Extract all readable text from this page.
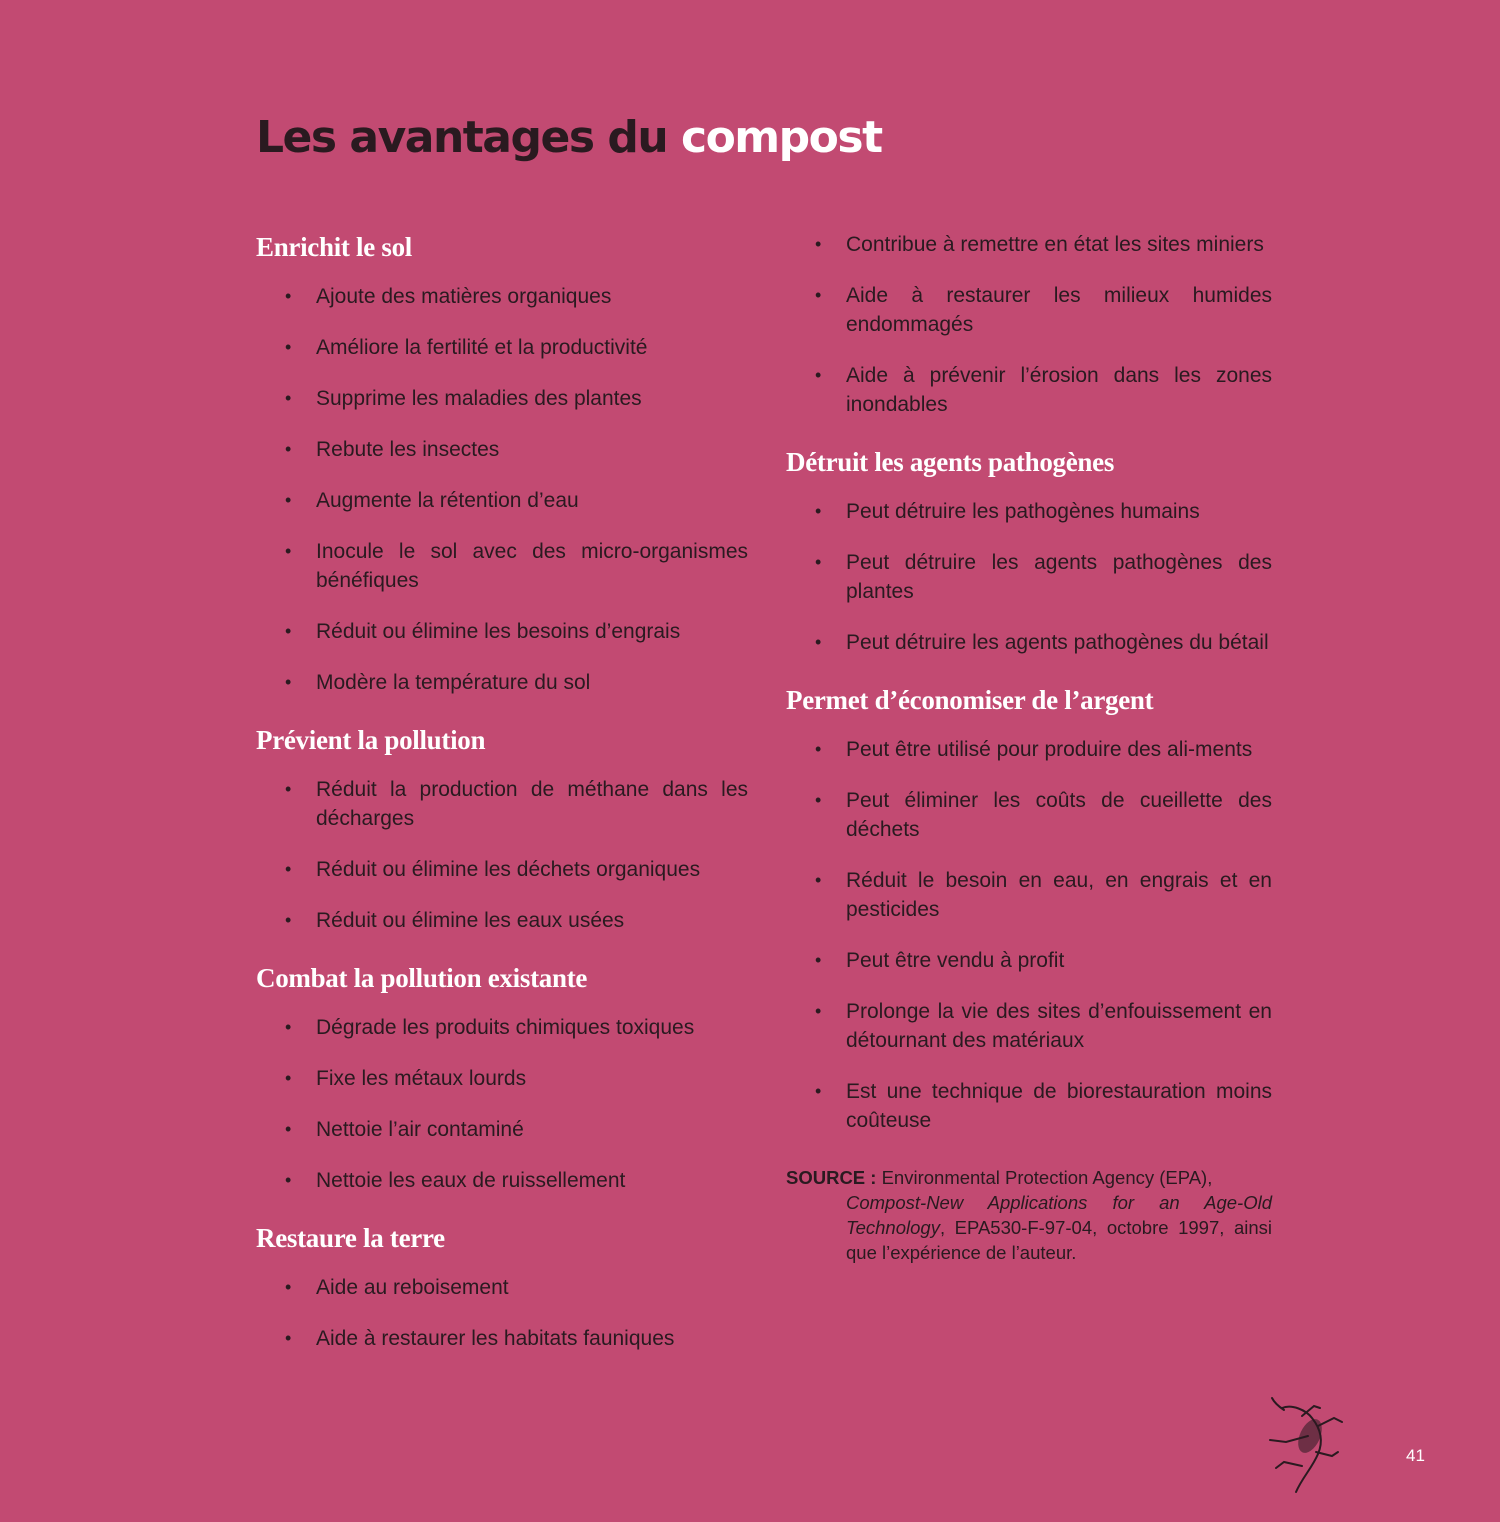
Les avantages du compost
Enrichit le sol
• Ajoute des matières organiques
• Améliore la fertilité et la productivité
• Supprime les maladies des plantes
• Rebute les insectes
• Augmente la rétention d’eau
• Inocule le sol avec des micro-organismes bénéfiques
• Réduit ou élimine les besoins d’engrais
• Modère la température du sol
Prévient la pollution
• Réduit la production de méthane dans les décharges
• Réduit ou élimine les déchets organiques
• Réduit ou élimine les eaux usées
Combat la pollution existante
• Dégrade les produits chimiques toxiques
• Fixe les métaux lourds
• Nettoie l’air contaminé
• Nettoie les eaux de ruissellement
Restaure la terre
• Aide au reboisement
• Aide à restaurer les habitats fauniques
• Contribue à remettre en état les sites miniers
• Aide à restaurer les milieux humides endommagés
• Aide à prévenir l’érosion dans les zones inondables
Détruit les agents pathogènes
• Peut détruire les pathogènes humains
• Peut détruire les agents pathogènes des plantes
• Peut détruire les agents pathogènes du bétail
Permet d’économiser de l’argent
• Peut être utilisé pour produire des ali-ments
• Peut éliminer les coûts de cueillette des déchets
• Réduit le besoin en eau, en engrais et en pesticides
• Peut être vendu à profit
• Prolonge la vie des sites d’enfouissement en détournant des matériaux
• Est une technique de biorestauration moins coûteuse

SOURCE : Environmental Protection Agency (EPA),
Compost-New Applications for an Age-Old Technology, EPA530-F-97-04, octobre 1997, ainsi que l’expérience de l’auteur.

41
